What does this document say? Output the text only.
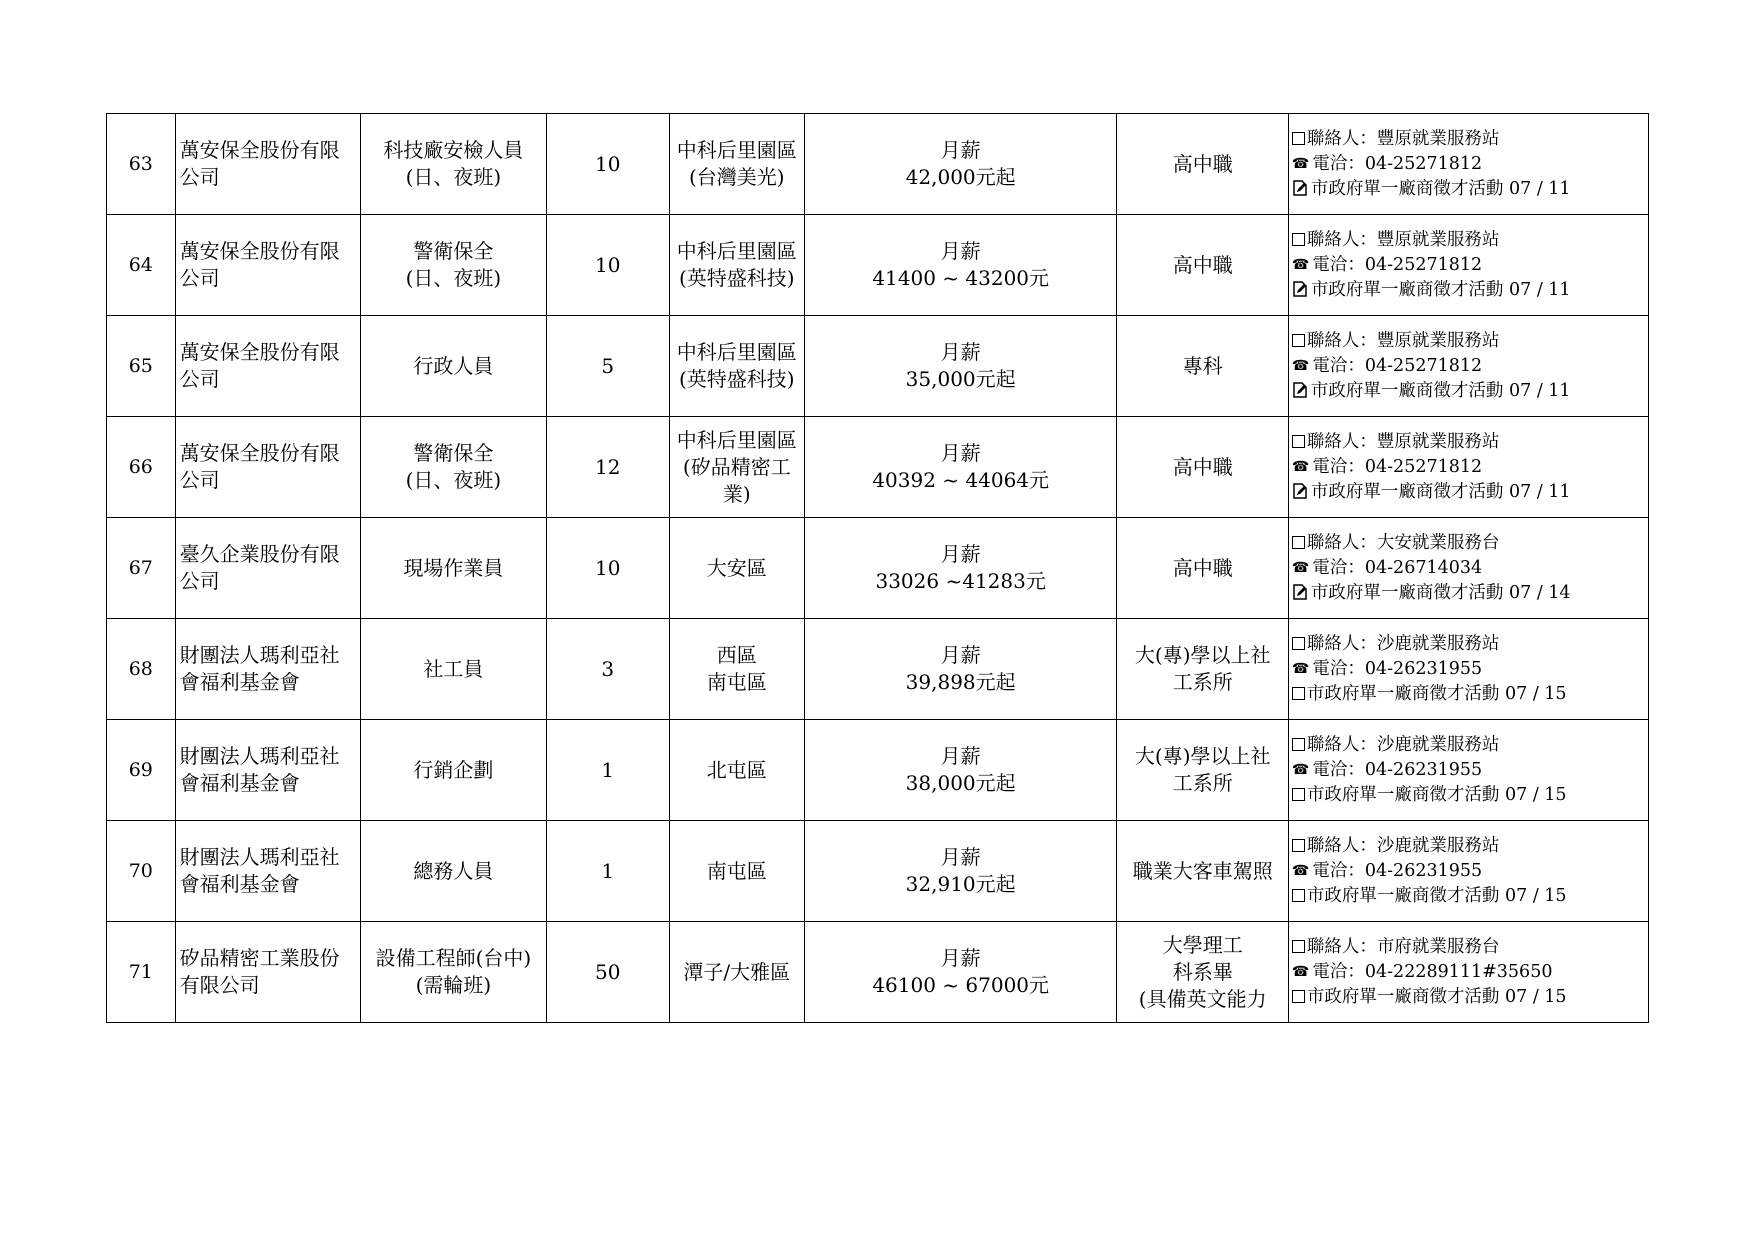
63	萬安保全股份有限
公司	科技廠安檢人員
(日、夜班)	10	中科后里園區
(台灣美光)	月薪
42,000元起	高中職	聯絡人：豐原就業服務站
☎ 電洽：04-25271812
市政府單一廠商徵才活動 07 / 11

64	萬安保全股份有限
公司	警衛保全
(日、夜班)	10	中科后里園區
(英特盛科技)	月薪
41400 ~ 43200元	高中職	聯絡人：豐原就業服務站
☎ 電洽：04-25271812
市政府單一廠商徵才活動 07 / 11

65	萬安保全股份有限
公司	行政人員	5	中科后里園區
(英特盛科技)	月薪
35,000元起	專科	聯絡人：豐原就業服務站
☎ 電洽：04-25271812
市政府單一廠商徵才活動 07 / 11

66	萬安保全股份有限
公司	警衛保全
(日、夜班)	12	中科后里園區
(矽品精密工
業)	月薪
40392 ~ 44064元	高中職	聯絡人：豐原就業服務站
☎ 電洽：04-25271812
市政府單一廠商徵才活動 07 / 11

67	臺久企業股份有限
公司	現場作業員	10	大安區	月薪
33026 ~41283元	高中職	聯絡人：大安就業服務台
☎ 電洽：04-26714034
市政府單一廠商徵才活動 07 / 14

68	財團法人瑪利亞社
會福利基金會	社工員	3	西區
南屯區	月薪
39,898元起	大(專)學以上社
工系所	聯絡人：沙鹿就業服務站
☎ 電洽：04-26231955
市政府單一廠商徵才活動 07 / 15

69	財團法人瑪利亞社
會福利基金會	行銷企劃	1	北屯區	月薪
38,000元起	大(專)學以上社
工系所	聯絡人：沙鹿就業服務站
☎ 電洽：04-26231955
市政府單一廠商徵才活動 07 / 15

70	財團法人瑪利亞社
會福利基金會	總務人員	1	南屯區	月薪
32,910元起	職業大客車駕照	聯絡人：沙鹿就業服務站
☎ 電洽：04-26231955
市政府單一廠商徵才活動 07 / 15

71	矽品精密工業股份
有限公司	設備工程師(台中)
(需輪班)	50	潭子/大雅區	月薪
46100 ~ 67000元	大學理工
科系畢
(具備英文能力	聯絡人：市府就業服務台
☎ 電洽：04-22289111#35650
市政府單一廠商徵才活動 07 / 15
